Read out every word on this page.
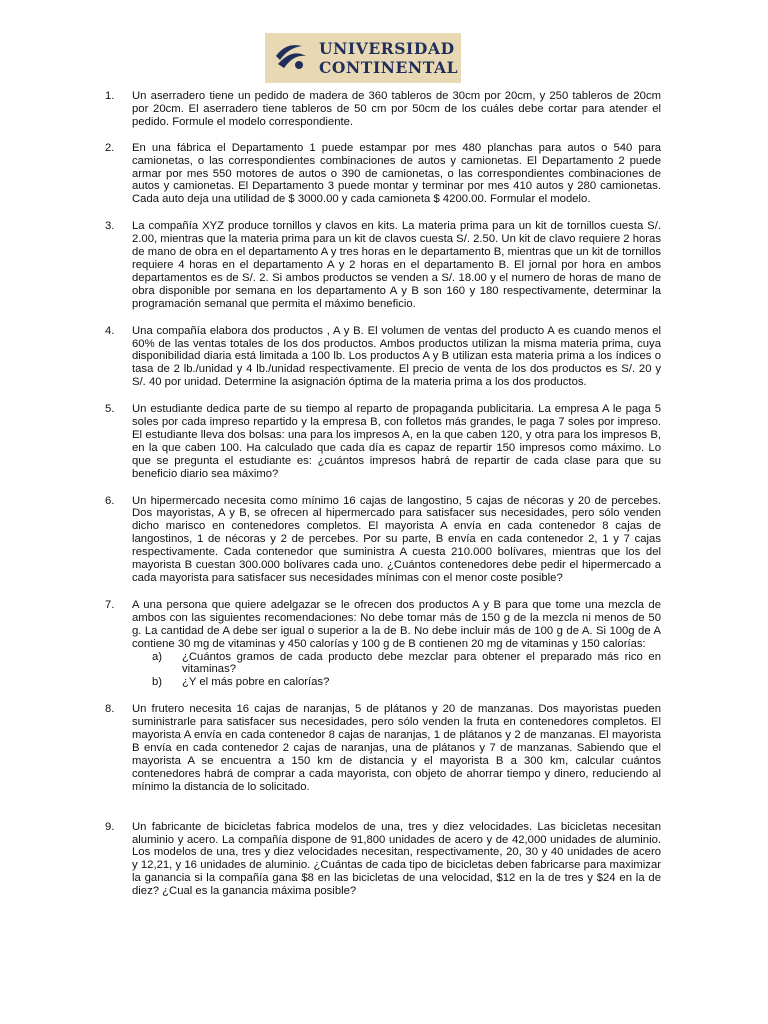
UNIVERSIDAD
CONTINENTAL
1.	Un aserradero tiene un pedido de madera de 360 tableros de 30cm por 20cm, y 250 tableros de 20cm por 20cm. El aserradero tiene tableros de 50 cm por 50cm de los cuáles debe cortar para atender el pedido. Formule el modelo correspondiente.
2.	En una fábrica el Departamento 1 puede estampar por mes 480 planchas para autos o 540 para camionetas, o las correspondientes combinaciones de autos y camionetas. El Departamento 2 puede armar por mes 550 motores de autos o 390 de camionetas, o las correspondientes combinaciones de autos y camionetas. El Departamento 3 puede montar y terminar por mes 410 autos y 280 camionetas. Cada auto deja una utilidad de $ 3000.00 y cada camioneta $ 4200.00. Formular el modelo.
3.	La compañía XYZ produce tornillos y clavos en kits. La materia prima para un kit de tornillos cuesta S/. 2.00, mientras que la materia prima para un kit de clavos cuesta S/. 2.50. Un kit de clavo requiere 2 horas de mano de obra en el departamento A y tres horas en le departamento B, mientras que un kit de tornillos requiere 4 horas en el departamento A y 2 horas en el departamento B. El jornal por hora en ambos departamentos es de S/. 2. Si ambos productos se venden a S/. 18.00 y el numero de horas de mano de obra disponible por semana en los departamento A y B son 160 y 180 respectivamente, determinar la programación semanal que permita el máximo beneficio.
4.	Una compañía elabora dos productos , A y B. El volumen de ventas del producto A es cuando menos el 60% de las ventas totales de los dos productos. Ambos productos utilizan la misma materia prima, cuya disponibilidad diaria está limitada a 100 lb. Los productos A y B utilizan esta materia prima a los índices o tasa de 2 lb./unidad y 4 lb./unidad respectivamente. El precio de venta de los dos productos es S/. 20 y S/. 40 por unidad. Determine la asignación óptima de la materia prima a los dos productos.
5.	Un estudiante dedica parte de su tiempo al reparto de propaganda publicitaria. La empresa A le paga 5 soles por cada impreso repartido y la empresa B, con folletos más grandes, le paga 7 soles por impreso. El estudiante lleva dos bolsas: una para los impresos A, en la que caben 120, y otra para los impresos B, en la que caben 100. Ha calculado que cada día es capaz de repartir 150 impresos como máximo. Lo que se pregunta el estudiante es: ¿cuántos impresos habrá de repartir de cada clase para que su beneficio diario sea máximo?
6.	Un hipermercado necesita como mínimo 16 cajas de langostino, 5 cajas de nécoras y 20 de percebes. Dos mayoristas, A y B, se ofrecen al hipermercado para satisfacer sus necesidades, pero sólo venden dicho marisco en contenedores completos. El mayorista A envía en cada contenedor 8 cajas de langostinos, 1 de nécoras y 2 de percebes. Por su parte, B envía en cada contenedor 2, 1 y 7 cajas respectivamente. Cada contenedor que suministra A cuesta 210.000 bolívares, mientras que los del mayorista B cuestan 300.000 bolívares cada uno. ¿Cuántos contenedores debe pedir el hipermercado a cada mayorista para satisfacer sus necesidades mínimas con el menor coste posible?
7.	A una persona que quiere adelgazar se le ofrecen dos productos A y B para que tome una mezcla de ambos con las siguientes recomendaciones: No debe tomar más de 150 g de la mezcla ni menos de 50 g. La cantidad de A debe ser igual o superior a la de B. No debe incluir más de 100 g de A. Si 100g de A contiene 30 mg de vitaminas y 450 calorías y 100 g de B contienen 20 mg de vitaminas y 150 calorías:
a)	¿Cuántos gramos de cada producto debe mezclar para obtener el preparado más rico en vitaminas?
b)	¿Y el más pobre en calorías?
8.	Un frutero necesita 16 cajas de naranjas, 5 de plátanos y 20 de manzanas. Dos mayoristas pueden suministrarle para satisfacer sus necesidades, pero sólo venden la fruta en contenedores completos. El mayorista A envía en cada contenedor 8 cajas de naranjas, 1 de plátanos y 2 de manzanas. El mayorista B envía en cada contenedor 2 cajas de naranjas, una de plátanos y 7 de manzanas. Sabiendo que el mayorista A se encuentra a 150 km de distancia y el mayorista B a 300 km, calcular cuántos contenedores habrá de comprar a cada mayorista, con objeto de ahorrar tiempo y dinero, reduciendo al mínimo la distancia de lo solicitado.
9.	Un fabricante de bicicletas fabrica modelos de una, tres y diez velocidades. Las bicicletas necesitan aluminio y acero. La compañía dispone de 91,800 unidades de acero y de 42,000 unidades de aluminio. Los modelos de una, tres y diez velocidades necesitan, respectivamente, 20, 30 y 40 unidades de acero y 12,21, y 16 unidades de aluminio. ¿Cuántas de cada tipo de bicicletas deben fabricarse para maximizar la ganancia si la compañía gana $8 en las bicicletas de una velocidad, $12 en la de tres y $24 en la de diez? ¿Cual es la ganancia máxima posible?
